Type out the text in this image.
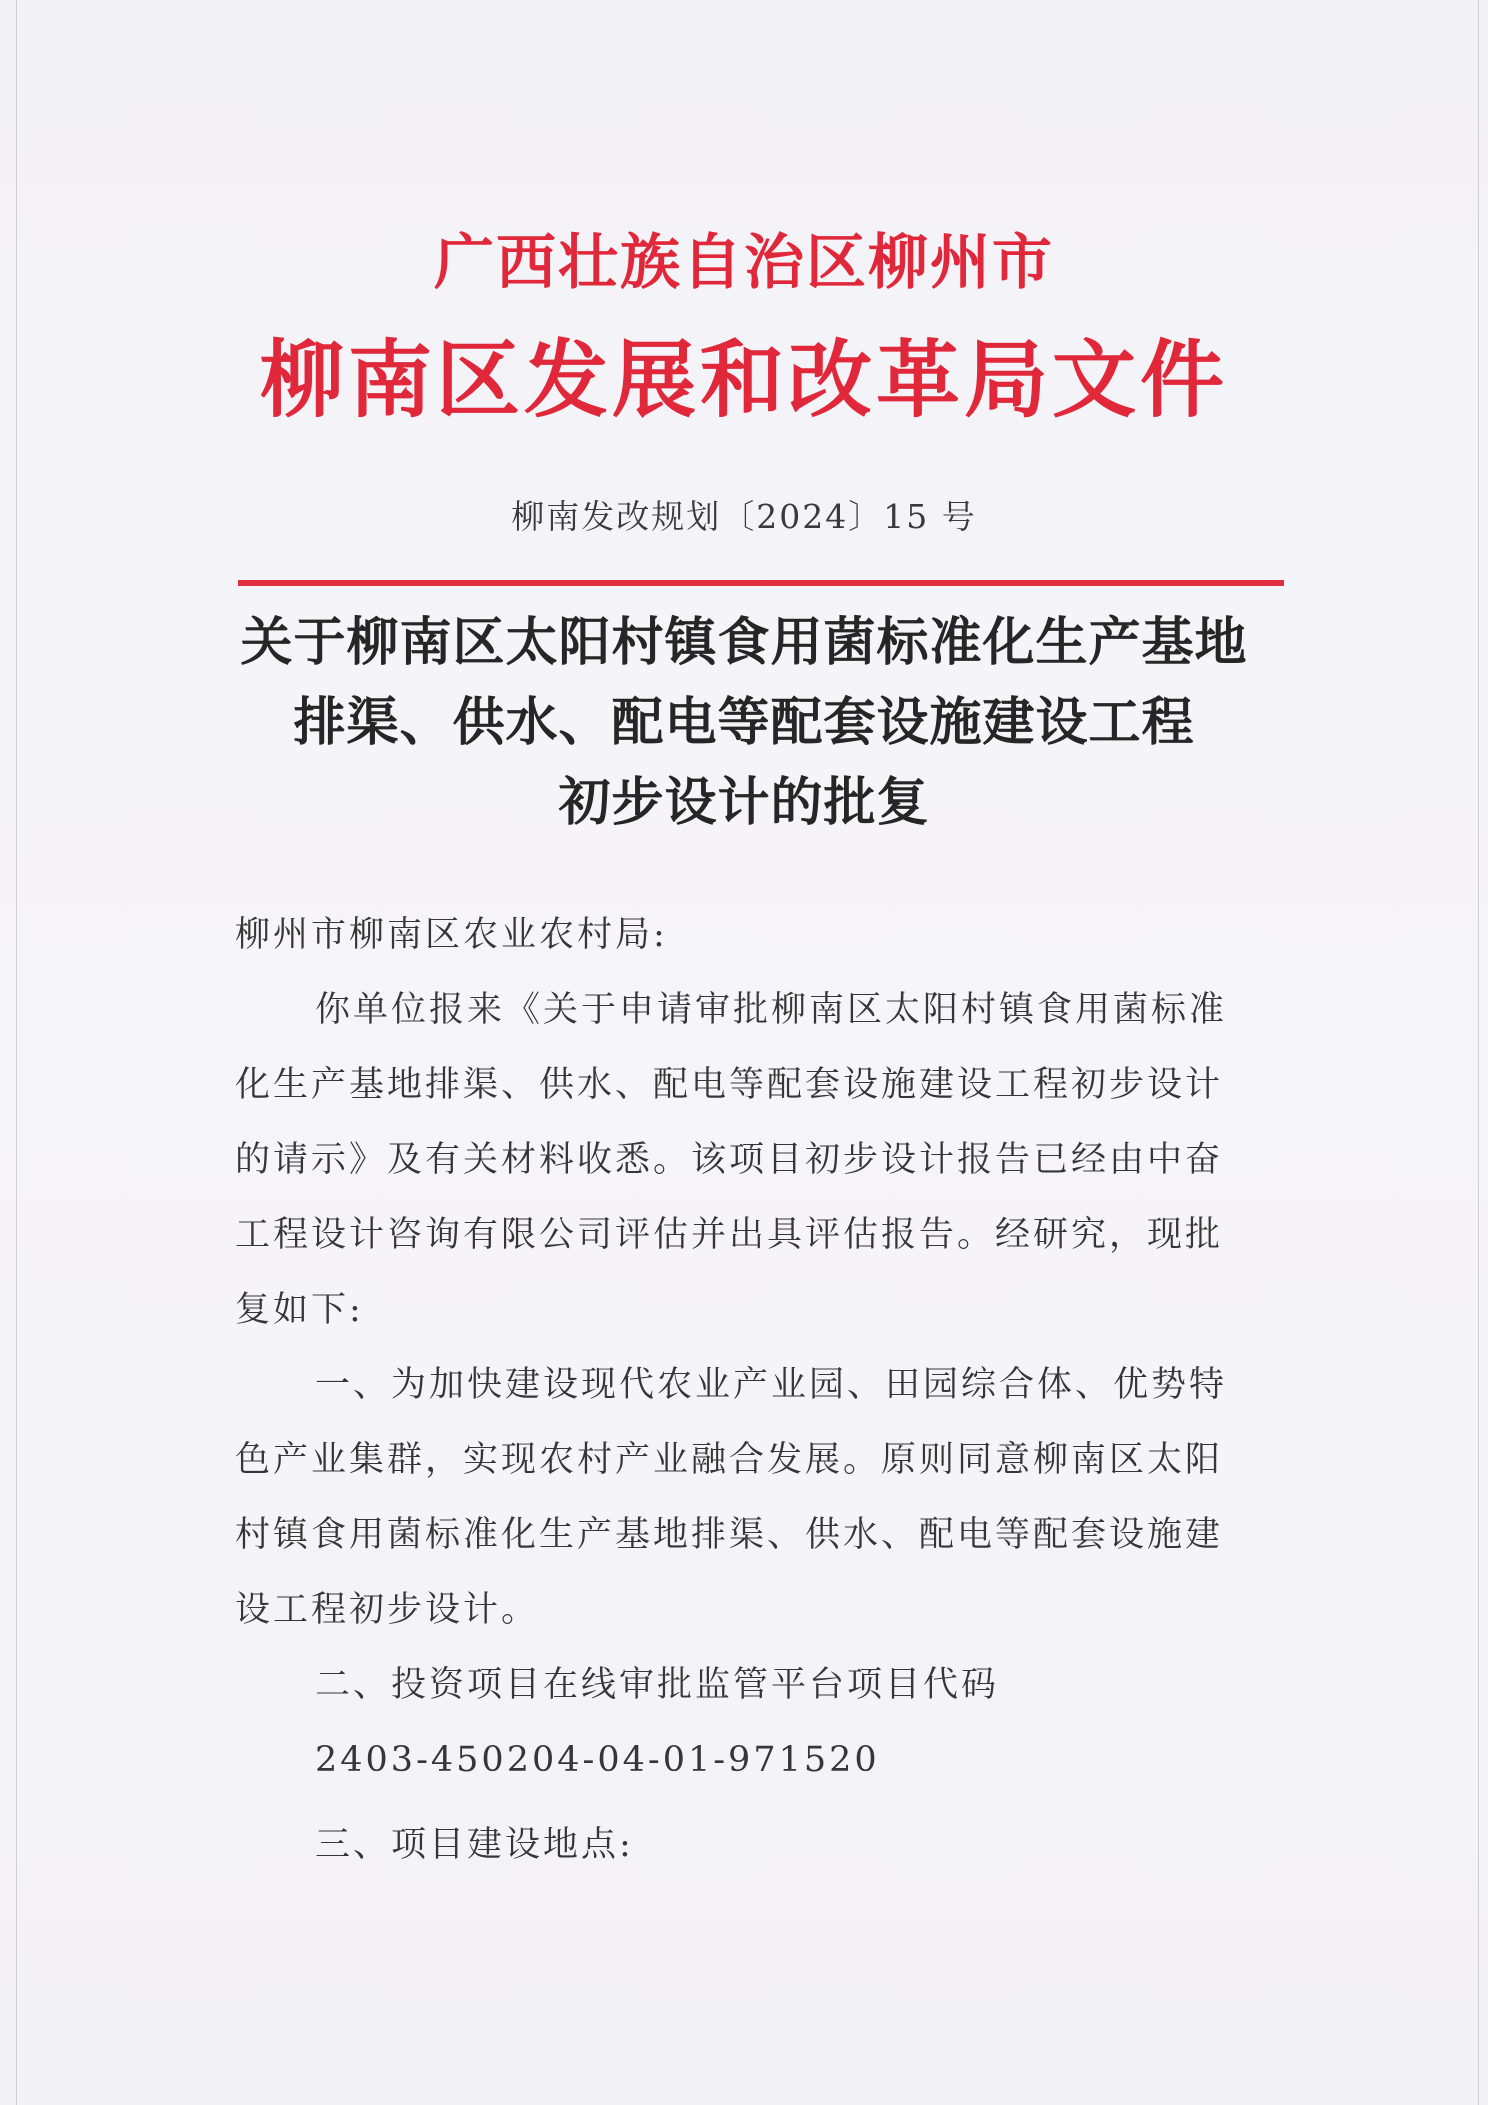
广西壮族自治区柳州市
柳南区发展和改革局文件
柳南发改规划〔2024〕15 号
关于柳南区太阳村镇食用菌标准化生产基地
排渠、供水、配电等配套设施建设工程
初步设计的批复
柳州市柳南区农业农村局:
你单位报来《关于申请审批柳南区太阳村镇食用菌标准
化生产基地排渠、供水、配电等配套设施建设工程初步设计
的请示》及有关材料收悉。该项目初步设计报告已经由中奋
工程设计咨询有限公司评估并出具评估报告。经研究，现批
复如下:
一、为加快建设现代农业产业园、田园综合体、优势特
色产业集群，实现农村产业融合发展。原则同意柳南区太阳
村镇食用菌标准化生产基地排渠、供水、配电等配套设施建
设工程初步设计。
二、投资项目在线审批监管平台项目代码
2403-450204-04-01-971520
三、项目建设地点:
